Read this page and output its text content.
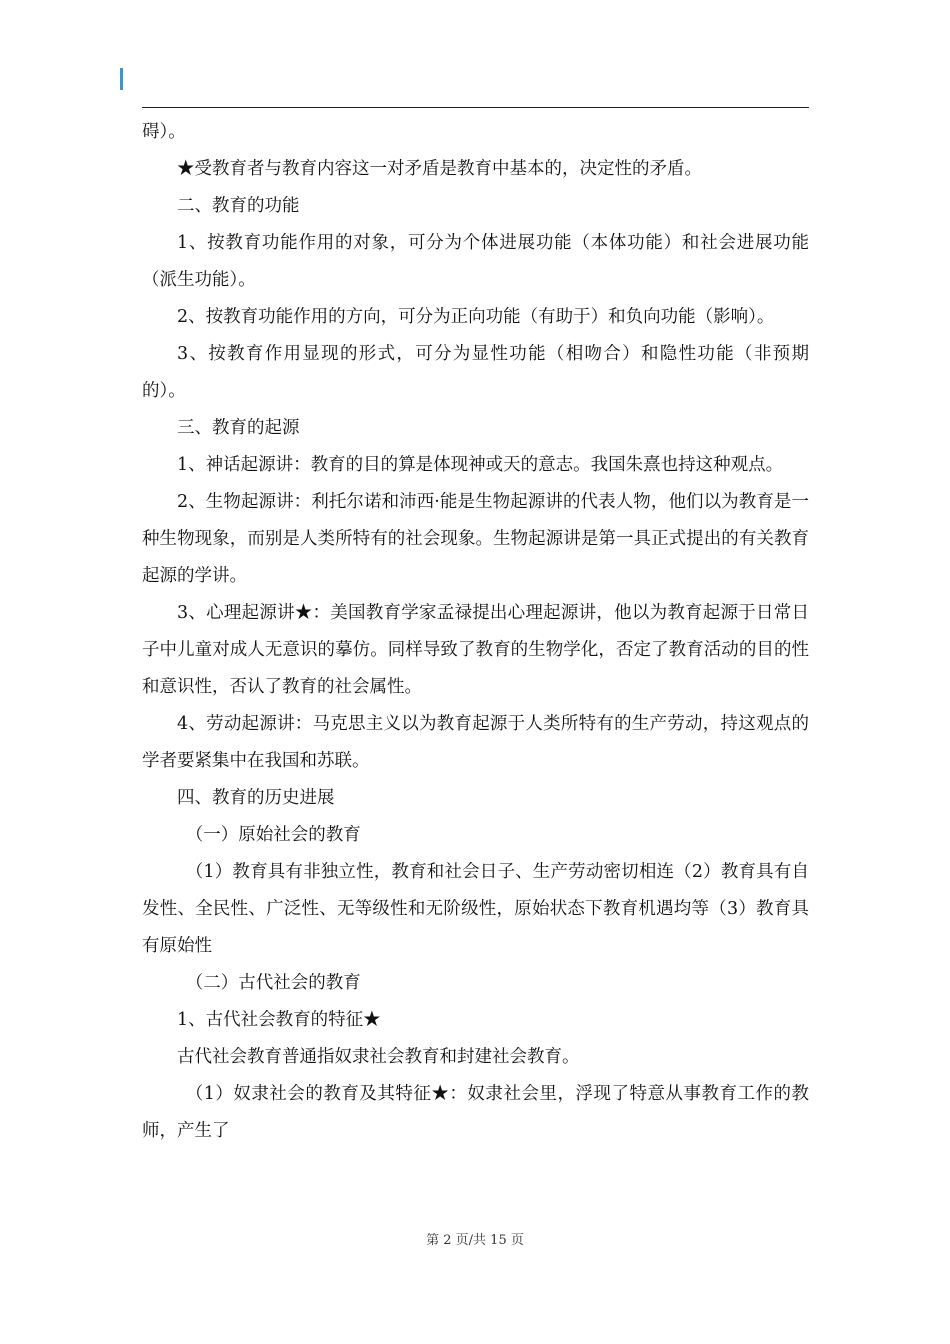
碍）。

★受教育者与教育内容这一对矛盾是教育中基本的，决定性的矛盾。

二、教育的功能

1、按教育功能作用的对象，可分为个体进展功能（本体功能）和社会进展功能（派生功能）。

2、按教育功能作用的方向，可分为正向功能（有助于）和负向功能（影响）。

3、按教育作用显现的形式，可分为显性功能（相吻合）和隐性功能（非预期的）。

三、教育的起源

1、神话起源讲：教育的目的算是体现神或天的意志。我国朱熹也持这种观点。

2、生物起源讲：利托尔诺和沛西·能是生物起源讲的代表人物，他们以为教育是一种生物现象，而别是人类所特有的社会现象。生物起源讲是第一具正式提出的有关教育起源的学讲。

3、心理起源讲★：美国教育学家孟禄提出心理起源讲，他以为教育起源于日常日子中儿童对成人无意识的摹仿。同样导致了教育的生物学化，否定了教育活动的目的性和意识性，否认了教育的社会属性。

4、劳动起源讲：马克思主义以为教育起源于人类所特有的生产劳动，持这观点的学者要紧集中在我国和苏联。

四、教育的历史进展

（一）原始社会的教育

（1）教育具有非独立性，教育和社会日子、生产劳动密切相连（2）教育具有自发性、全民性、广泛性、无等级性和无阶级性，原始状态下教育机遇均等（3）教育具有原始性

（二）古代社会的教育

1、古代社会教育的特征★

古代社会教育普通指奴隶社会教育和封建社会教育。

（1）奴隶社会的教育及其特征★：奴隶社会里，浮现了特意从事教育工作的教师，产生了

第 2 页/共 15 页
